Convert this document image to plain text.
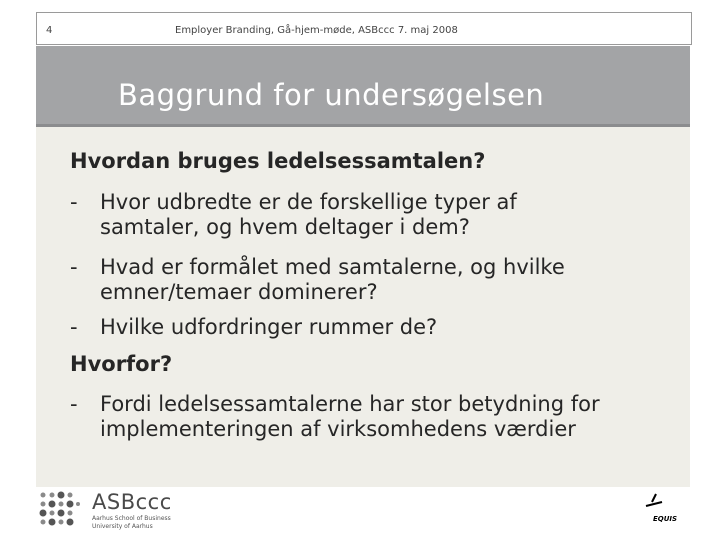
4	Employer Branding, Gå-hjem-møde, ASBccc 7. maj 2008
Baggrund for undersøgelsen
Hvordan bruges ledelsessamtalen?
- Hvor udbredte er de forskellige typer af samtaler, og hvem deltager i dem?
- Hvad er formålet med samtalerne, og hvilke emner/temaer dominerer?
- Hvilke udfordringer rummer de?
Hvorfor?
- Fordi ledelsessamtalerne har stor betydning for implementeringen af virksomhedens værdier
ASBccc
Aarhus School of Business
University of Aarhus
EQUIS
